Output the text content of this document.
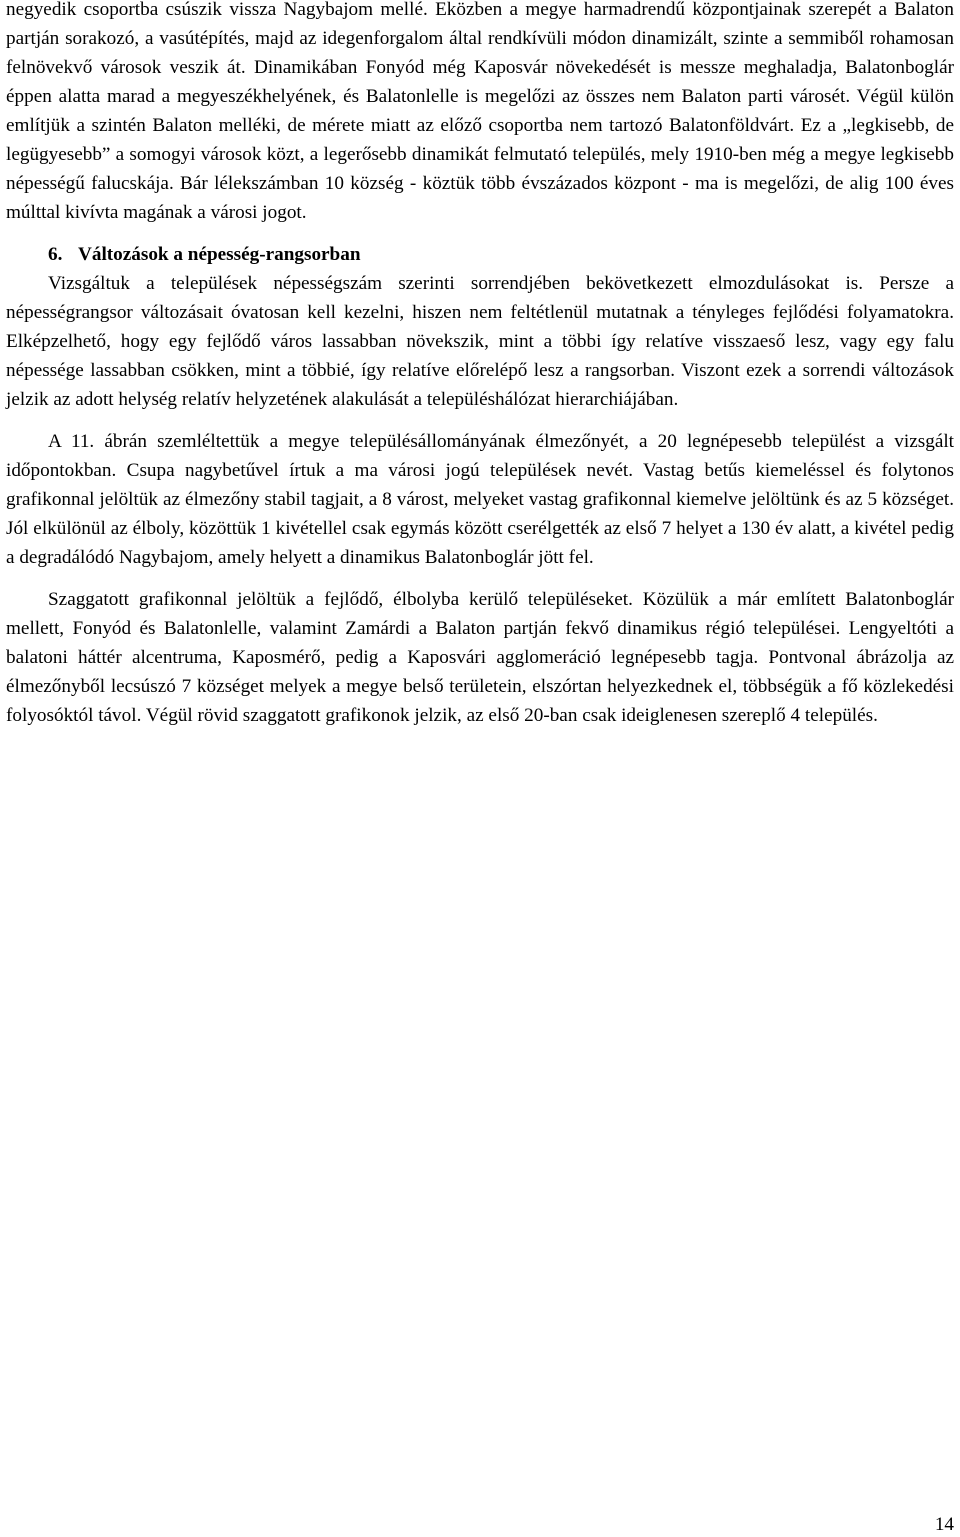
negyedik csoportba csúszik vissza Nagybajom mellé. Eközben a megye harmadrendű központjainak szerepét a Balaton partján sorakozó, a vasútépítés, majd az idegenforgalom által rendkívüli módon dinamizált, szinte a semmiből rohamosan felnövekvő városok veszik át. Dinamikában Fonyód még Kaposvár növekedését is messze meghaladja, Balatonboglár éppen alatta marad a megyeszékhelyének, és Balatonlelle is megelőzi az összes nem Balaton parti városét. Végül külön említjük a szintén Balaton melléki, de mérete miatt az előző csoportba nem tartozó Balatonföldvárt. Ez a „legkisebb, de legügyesebb” a somogyi városok közt, a legerősebb dinamikát felmutató település, mely 1910-ben még a megye legkisebb népességű falucskája. Bár lélekszámban 10 község - köztük több évszázados központ - ma is megelőzi, de alig 100 éves múlttal kivívta magának a városi jogot.

6. Változások a népesség-rangsorban

Vizsgáltuk a települések népességszám szerinti sorrendjében bekövetkezett elmozdulásokat is. Persze a népességrangsor változásait óvatosan kell kezelni, hiszen nem feltétlenül mutatnak a tényleges fejlődési folyamatokra. Elképzelhető, hogy egy fejlődő város lassabban növekszik, mint a többi így relatíve visszaeső lesz, vagy egy falu népessége lassabban csökken, mint a többié, így relatíve előrelépő lesz a rangsorban. Viszont ezek a sorrendi változások jelzik az adott helység relatív helyzetének alakulását a településhálózat hierarchiájában.

A 11. ábrán szemléltettük a megye településállományának élmezőnyét, a 20 legnépesebb települést a vizsgált időpontokban. Csupa nagybetűvel írtuk a ma városi jogú települések nevét. Vastag betűs kiemeléssel és folytonos grafikonnal jelöltük az élmezőny stabil tagjait, a 8 várost, melyeket vastag grafikonnal kiemelve jelöltünk és az 5 községet. Jól elkülönül az élboly, közöttük 1 kivétellel csak egymás között cserélgették az első 7 helyet a 130 év alatt, a kivétel pedig a degradálódó Nagybajom, amely helyett a dinamikus Balatonboglár jött fel.

Szaggatott grafikonnal jelöltük a fejlődő, élbolyba kerülő településeket. Közülük a már említett Balatonboglár mellett, Fonyód és Balatonlelle, valamint Zamárdi a Balaton partján fekvő dinamikus régió települései. Lengyeltóti a balatoni háttér alcentruma, Kaposmérő, pedig a Kaposvári agglomeráció legnépesebb tagja. Pontvonal ábrázolja az élmezőnyből lecsúszó 7 községet melyek a megye belső területein, elszórtan helyezkednek el, többségük a fő közlekedési folyosóktól távol. Végül rövid szaggatott grafikonok jelzik, az első 20-ban csak ideiglenesen szereplő 4 település.

14
